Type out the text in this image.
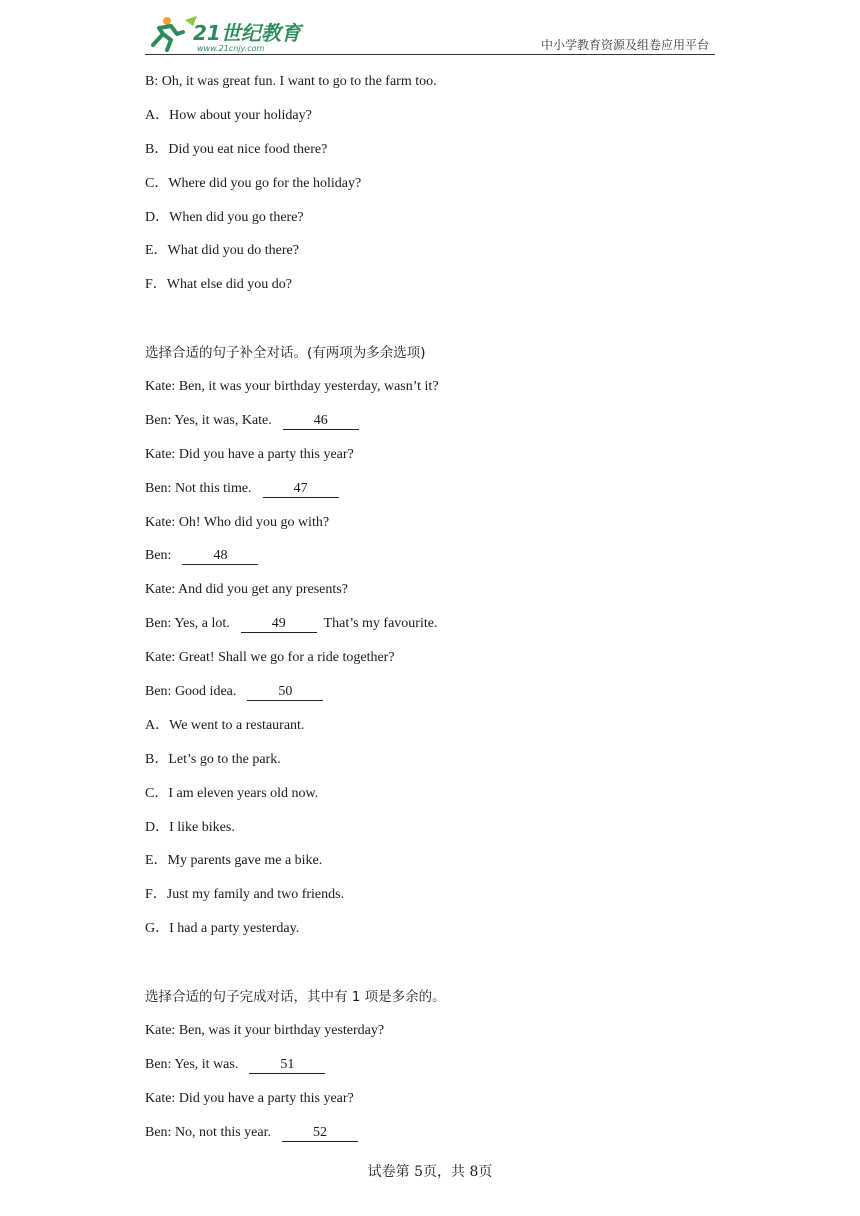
21世纪教育
www.21cnjy.com	中小学教育资源及组卷应用平台
B: Oh, it was great fun. I want to go to the farm too.
A．How about your holiday?
B．Did you eat nice food there?
C．Where did you go for the holiday?
D．When did you go there?
E．What did you do there?
F．What else did you do?
选择合适的句子补全对话。(有两项为多余选项)
Kate: Ben, it was your birthday yesterday, wasn’t it?
Ben: Yes, it was, Kate.	46
Kate: Did you have a party this year?
Ben: Not this time.	47
Kate: Oh! Who did you go with?
Ben:	48
Kate: And did you get any presents?
Ben: Yes, a lot.	49	That’s my favourite.
Kate: Great! Shall we go for a ride together?
Ben: Good idea.	50
A．We went to a restaurant.
B．Let’s go to the park.
C．I am eleven years old now.
D．I like bikes.
E．My parents gave me a bike.
F．Just my family and two friends.
G．I had a party yesterday.
选择合适的句子完成对话，其中有 1 项是多余的。
Kate: Ben, was it your birthday yesterday?
Ben: Yes, it was.	51
Kate: Did you have a party this year?
Ben: No, not this year.	52
试卷第 5页，共 8页
